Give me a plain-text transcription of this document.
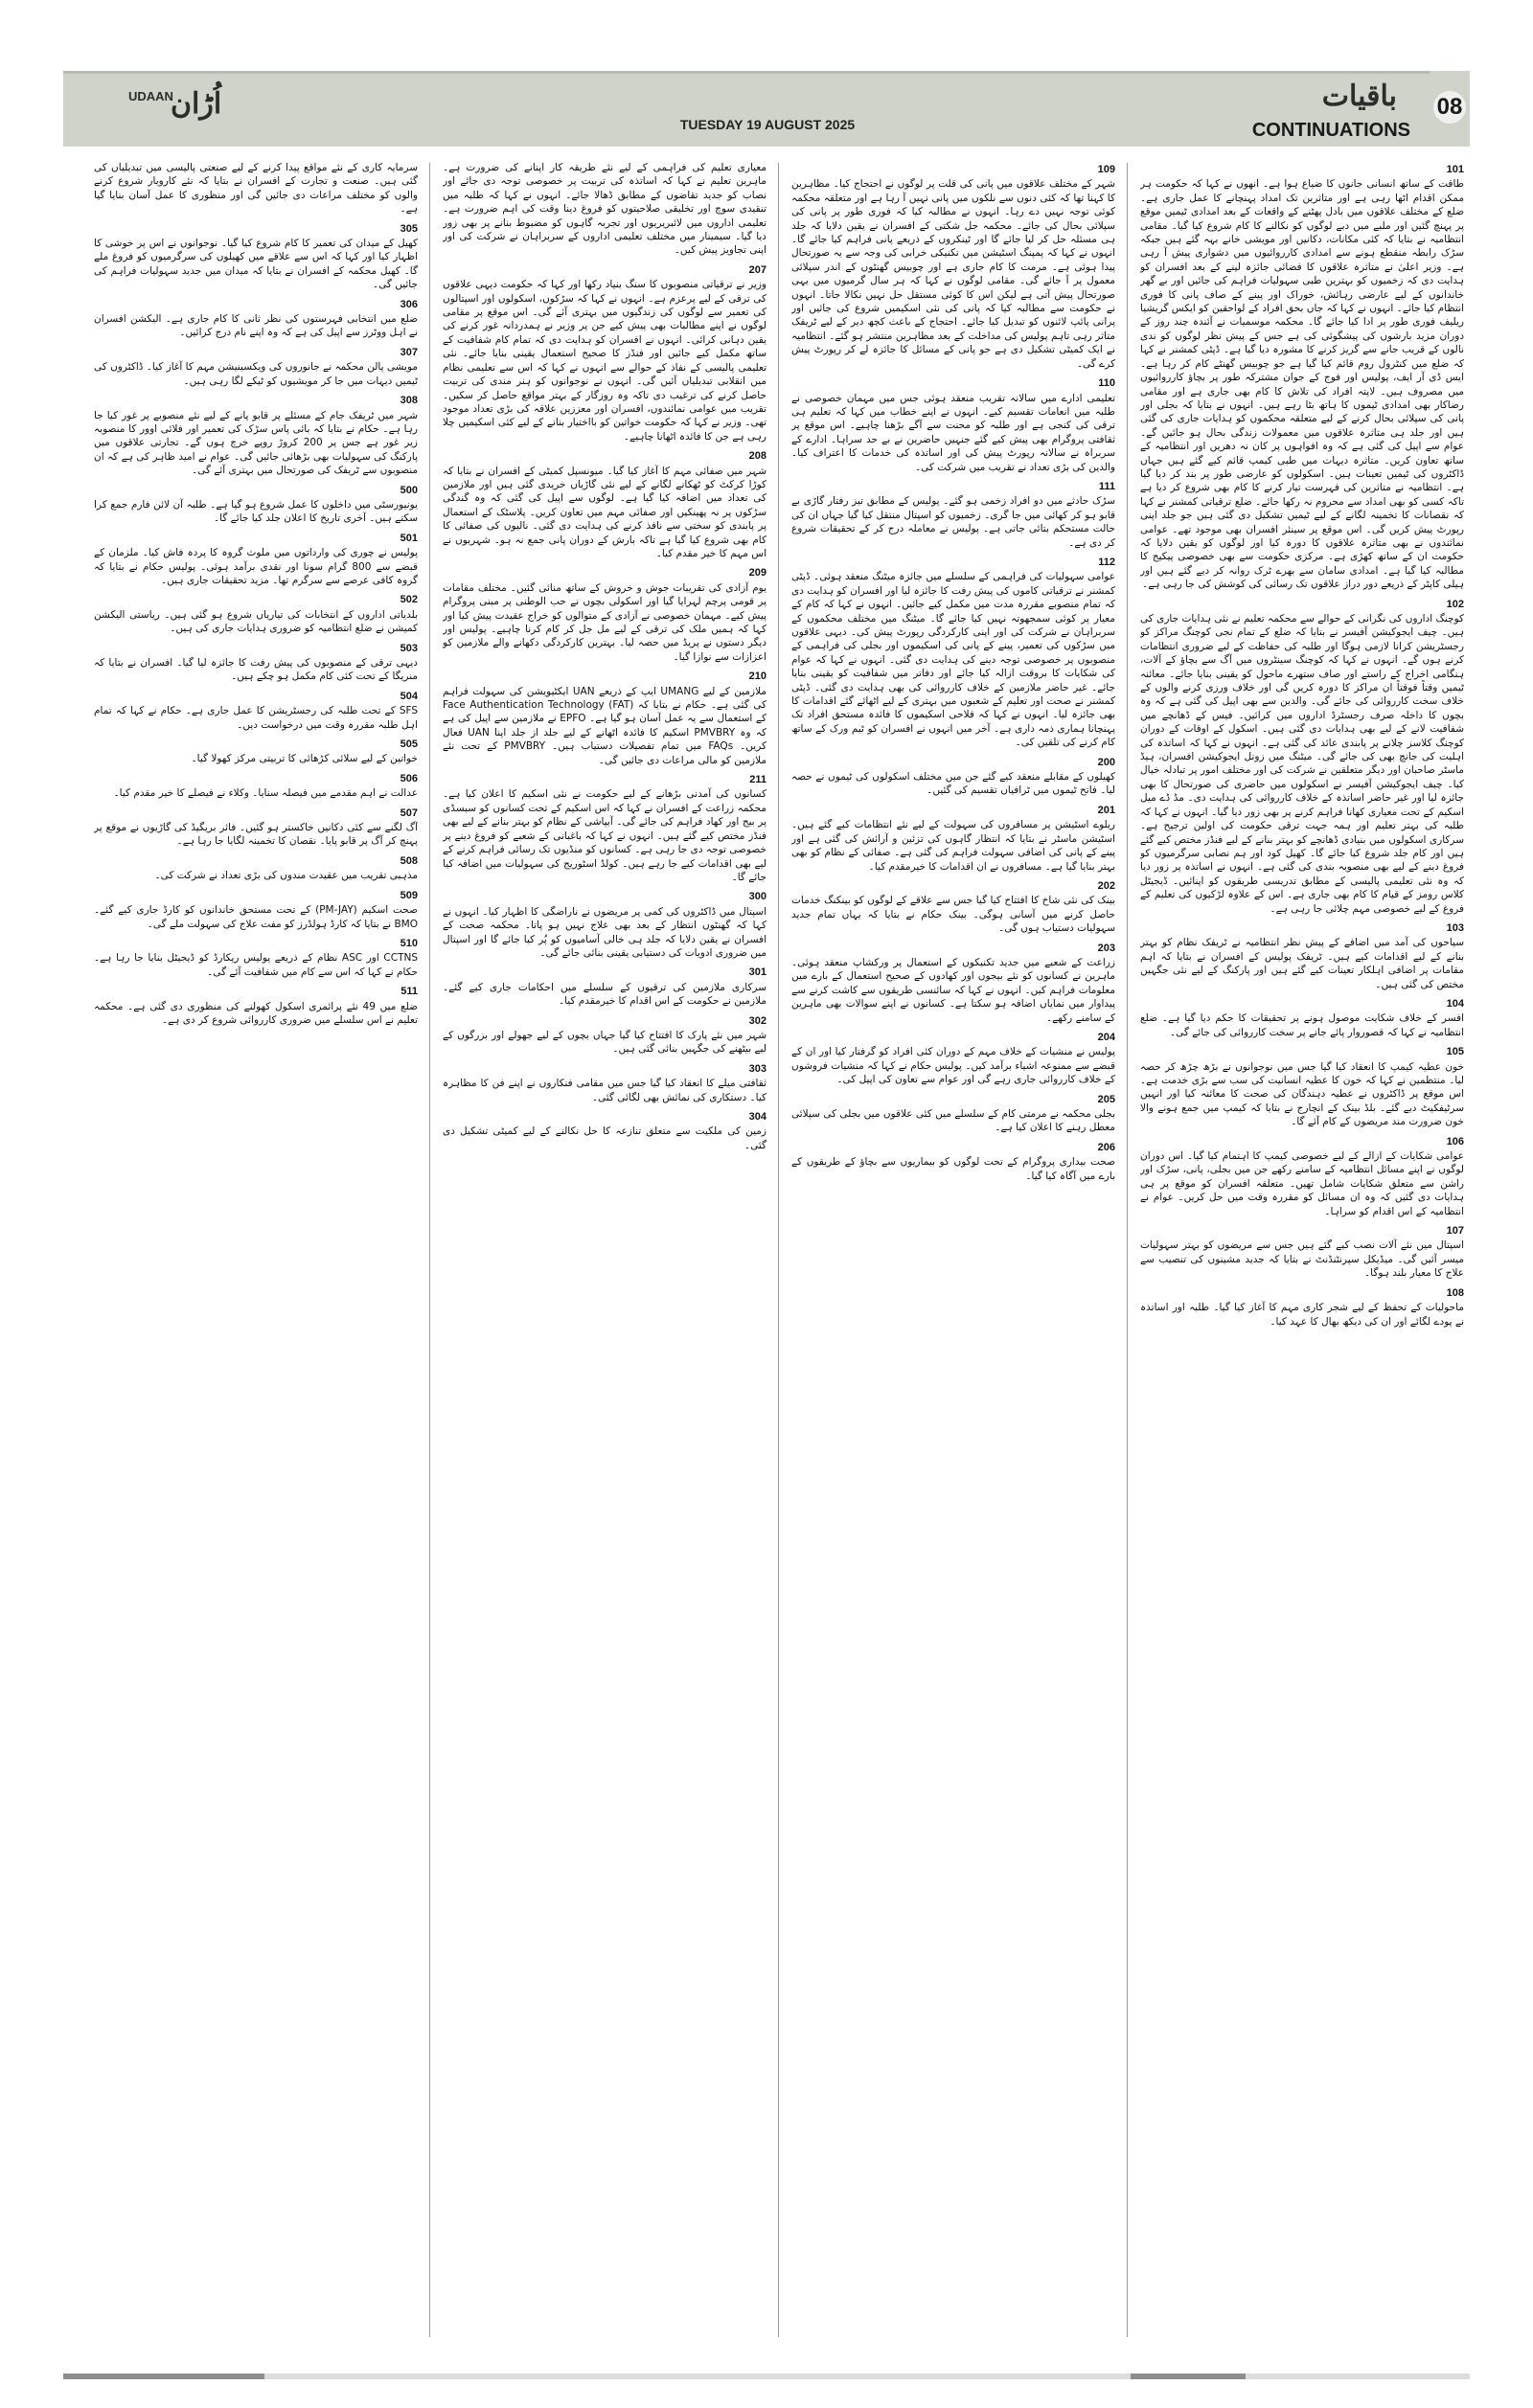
UDAAN
اُڑان
TUESDAY 19 AUGUST 2025
باقیات
CONTINUATIONS
08
101
طاقت کے ساتھ انسانی جانوں کا ضیاع ہوا ہے۔ انھوں نے کہا کہ حکومت ہر ممکن اقدام اٹھا رہی ہے اور متاثرین تک امداد پہنچانے کا عمل جاری ہے۔ ضلع کے مختلف علاقوں میں بادل پھٹنے کے واقعات کے بعد امدادی ٹیمیں موقع پر پہنچ گئیں اور ملبے میں دبے لوگوں کو نکالنے کا کام شروع کیا گیا۔ مقامی انتظامیہ نے بتایا کہ کئی مکانات، دکانیں اور مویشی خانے بہہ گئے ہیں جبکہ سڑک رابطہ منقطع ہونے سے امدادی کارروائیوں میں دشواری پیش آ رہی ہے۔ وزیر اعلیٰ نے متاثرہ علاقوں کا فضائی جائزہ لینے کے بعد افسران کو ہدایت دی کہ زخمیوں کو بہترین طبی سہولیات فراہم کی جائیں اور بے گھر خاندانوں کے لیے عارضی رہائش، خوراک اور پینے کے صاف پانی کا فوری انتظام کیا جائے۔ انہوں نے کہا کہ جاں بحق افراد کے لواحقین کو ایکس گریشیا ریلیف فوری طور پر ادا کیا جائے گا۔ محکمہ موسمیات نے آئندہ چند روز کے دوران مزید بارشوں کی پیشگوئی کی ہے جس کے پیش نظر لوگوں کو ندی نالوں کے قریب جانے سے گریز کرنے کا مشورہ دیا گیا ہے۔ ڈپٹی کمشنر نے کہا کہ ضلع میں کنٹرول روم قائم کیا گیا ہے جو چوبیس گھنٹے کام کر رہا ہے۔ ایس ڈی آر ایف، پولیس اور فوج کے جوان مشترکہ طور پر بچاؤ کارروائیوں میں مصروف ہیں۔ لاپتہ افراد کی تلاش کا کام بھی جاری ہے اور مقامی رضاکار بھی امدادی ٹیموں کا ہاتھ بٹا رہے ہیں۔ انہوں نے بتایا کہ بجلی اور پانی کی سپلائی بحال کرنے کے لیے متعلقہ محکموں کو ہدایات جاری کی گئی ہیں اور جلد ہی متاثرہ علاقوں میں معمولات زندگی بحال ہو جائیں گے۔ عوام سے اپیل کی گئی ہے کہ وہ افواہوں پر کان نہ دھریں اور انتظامیہ کے ساتھ تعاون کریں۔ متاثرہ دیہات میں طبی کیمپ قائم کیے گئے ہیں جہاں ڈاکٹروں کی ٹیمیں تعینات ہیں۔ اسکولوں کو عارضی طور پر بند کر دیا گیا ہے۔ انتظامیہ نے متاثرین کی فہرست تیار کرنے کا کام بھی شروع کر دیا ہے تاکہ کسی کو بھی امداد سے محروم نہ رکھا جائے۔ ضلع ترقیاتی کمشنر نے کہا کہ نقصانات کا تخمینہ لگانے کے لیے ٹیمیں تشکیل دی گئی ہیں جو جلد اپنی رپورٹ پیش کریں گی۔ اس موقع پر سینئر افسران بھی موجود تھے۔ عوامی نمائندوں نے بھی متاثرہ علاقوں کا دورہ کیا اور لوگوں کو یقین دلایا کہ حکومت ان کے ساتھ کھڑی ہے۔ مرکزی حکومت سے بھی خصوصی پیکیج کا مطالبہ کیا گیا ہے۔ امدادی سامان سے بھرے ٹرک روانہ کر دیے گئے ہیں اور ہیلی کاپٹر کے ذریعے دور دراز علاقوں تک رسائی کی کوشش کی جا رہی ہے۔
102
کوچنگ اداروں کی نگرانی کے حوالے سے محکمہ تعلیم نے نئی ہدایات جاری کی ہیں۔ چیف ایجوکیشن آفیسر نے بتایا کہ ضلع کے تمام نجی کوچنگ مراکز کو رجسٹریشن کرانا لازمی ہوگا اور طلبہ کی حفاظت کے لیے ضروری انتظامات کرنے ہوں گے۔ انہوں نے کہا کہ کوچنگ سینٹروں میں آگ سے بچاؤ کے آلات، ہنگامی اخراج کے راستے اور صاف ستھرے ماحول کو یقینی بنایا جائے۔ معائنہ ٹیمیں وقتاً فوقتاً ان مراکز کا دورہ کریں گی اور خلاف ورزی کرنے والوں کے خلاف سخت کارروائی کی جائے گی۔ والدین سے بھی اپیل کی گئی ہے کہ وہ بچوں کا داخلہ صرف رجسٹرڈ اداروں میں کرائیں۔ فیس کے ڈھانچے میں شفافیت لانے کے لیے بھی ہدایات دی گئی ہیں۔ اسکول کے اوقات کے دوران کوچنگ کلاسز چلانے پر پابندی عائد کی گئی ہے۔ انہوں نے کہا کہ اساتذہ کی اہلیت کی جانچ بھی کی جائے گی۔ میٹنگ میں زونل ایجوکیشن افسران، ہیڈ ماسٹر صاحبان اور دیگر متعلقین نے شرکت کی اور مختلف امور پر تبادلہ خیال کیا۔ چیف ایجوکیشن آفیسر نے اسکولوں میں حاضری کی صورتحال کا بھی جائزہ لیا اور غیر حاضر اساتذہ کے خلاف کارروائی کی ہدایت دی۔ مڈ ڈے میل اسکیم کے تحت معیاری کھانا فراہم کرنے پر بھی زور دیا گیا۔ انہوں نے کہا کہ طلبہ کی بہتر تعلیم اور ہمہ جہت ترقی حکومت کی اولین ترجیح ہے۔ سرکاری اسکولوں میں بنیادی ڈھانچے کو بہتر بنانے کے لیے فنڈز مختص کیے گئے ہیں اور کام جلد شروع کیا جائے گا۔ کھیل کود اور ہم نصابی سرگرمیوں کو فروغ دینے کے لیے بھی منصوبہ بندی کی گئی ہے۔ انہوں نے اساتذہ پر زور دیا کہ وہ نئی تعلیمی پالیسی کے مطابق تدریسی طریقوں کو اپنائیں۔ ڈیجیٹل کلاس رومز کے قیام کا کام بھی جاری ہے۔ اس کے علاوہ لڑکیوں کی تعلیم کے فروغ کے لیے خصوصی مہم چلائی جا رہی ہے۔
103
سیاحوں کی آمد میں اضافے کے پیش نظر انتظامیہ نے ٹریفک نظام کو بہتر بنانے کے لیے اقدامات کیے ہیں۔ ٹریفک پولیس کے افسران نے بتایا کہ اہم مقامات پر اضافی اہلکار تعینات کیے گئے ہیں اور پارکنگ کے لیے نئی جگہیں مختص کی گئی ہیں۔
104
افسر کے خلاف شکایت موصول ہونے پر تحقیقات کا حکم دیا گیا ہے۔ ضلع انتظامیہ نے کہا کہ قصوروار پائے جانے پر سخت کارروائی کی جائے گی۔
105
خون عطیہ کیمپ کا انعقاد کیا گیا جس میں نوجوانوں نے بڑھ چڑھ کر حصہ لیا۔ منتظمین نے کہا کہ خون کا عطیہ انسانیت کی سب سے بڑی خدمت ہے۔ اس موقع پر ڈاکٹروں نے عطیہ دہندگان کی صحت کا معائنہ کیا اور انہیں سرٹیفکیٹ دیے گئے۔ بلڈ بینک کے انچارج نے بتایا کہ کیمپ میں جمع ہونے والا خون ضرورت مند مریضوں کے کام آئے گا۔
106
عوامی شکایات کے ازالے کے لیے خصوصی کیمپ کا اہتمام کیا گیا۔ اس دوران لوگوں نے اپنے مسائل انتظامیہ کے سامنے رکھے جن میں بجلی، پانی، سڑک اور راشن سے متعلق شکایات شامل تھیں۔ متعلقہ افسران کو موقع پر ہی ہدایات دی گئیں کہ وہ ان مسائل کو مقررہ وقت میں حل کریں۔ عوام نے انتظامیہ کے اس اقدام کو سراہا۔
107
اسپتال میں نئے آلات نصب کیے گئے ہیں جس سے مریضوں کو بہتر سہولیات میسر آئیں گی۔ میڈیکل سپرنٹنڈنٹ نے بتایا کہ جدید مشینوں کی تنصیب سے علاج کا معیار بلند ہوگا۔
108
ماحولیات کے تحفظ کے لیے شجر کاری مہم کا آغاز کیا گیا۔ طلبہ اور اساتذہ نے پودے لگائے اور ان کی دیکھ بھال کا عہد کیا۔
109
شہر کے مختلف علاقوں میں پانی کی قلت پر لوگوں نے احتجاج کیا۔ مظاہرین کا کہنا تھا کہ کئی دنوں سے نلکوں میں پانی نہیں آ رہا ہے اور متعلقہ محکمہ کوئی توجہ نہیں دے رہا۔ انہوں نے مطالبہ کیا کہ فوری طور پر پانی کی سپلائی بحال کی جائے۔ محکمہ جل شکتی کے افسران نے یقین دلایا کہ جلد ہی مسئلہ حل کر لیا جائے گا اور ٹینکروں کے ذریعے پانی فراہم کیا جائے گا۔ انہوں نے کہا کہ پمپنگ اسٹیشن میں تکنیکی خرابی کی وجہ سے یہ صورتحال پیدا ہوئی ہے۔ مرمت کا کام جاری ہے اور چوبیس گھنٹوں کے اندر سپلائی معمول پر آ جائے گی۔ مقامی لوگوں نے کہا کہ ہر سال گرمیوں میں یہی صورتحال پیش آتی ہے لیکن اس کا کوئی مستقل حل نہیں نکالا جاتا۔ انہوں نے حکومت سے مطالبہ کیا کہ پانی کی نئی اسکیمیں شروع کی جائیں اور پرانی پائپ لائنوں کو تبدیل کیا جائے۔ احتجاج کے باعث کچھ دیر کے لیے ٹریفک متاثر رہی تاہم پولیس کی مداخلت کے بعد مظاہرین منتشر ہو گئے۔ انتظامیہ نے ایک کمیٹی تشکیل دی ہے جو پانی کے مسائل کا جائزہ لے کر رپورٹ پیش کرے گی۔
110
تعلیمی ادارے میں سالانہ تقریب منعقد ہوئی جس میں مہمان خصوصی نے طلبہ میں انعامات تقسیم کیے۔ انہوں نے اپنے خطاب میں کہا کہ تعلیم ہی ترقی کی کنجی ہے اور طلبہ کو محنت سے آگے بڑھنا چاہیے۔ اس موقع پر ثقافتی پروگرام بھی پیش کیے گئے جنہیں حاضرین نے بے حد سراہا۔ ادارے کے سربراہ نے سالانہ رپورٹ پیش کی اور اساتذہ کی خدمات کا اعتراف کیا۔ والدین کی بڑی تعداد نے تقریب میں شرکت کی۔
111
سڑک حادثے میں دو افراد زخمی ہو گئے۔ پولیس کے مطابق تیز رفتار گاڑی بے قابو ہو کر کھائی میں جا گری۔ زخمیوں کو اسپتال منتقل کیا گیا جہاں ان کی حالت مستحکم بتائی جاتی ہے۔ پولیس نے معاملہ درج کر کے تحقیقات شروع کر دی ہے۔
112
عوامی سہولیات کی فراہمی کے سلسلے میں جائزہ میٹنگ منعقد ہوئی۔ ڈپٹی کمشنر نے ترقیاتی کاموں کی پیش رفت کا جائزہ لیا اور افسران کو ہدایت دی کہ تمام منصوبے مقررہ مدت میں مکمل کیے جائیں۔ انہوں نے کہا کہ کام کے معیار پر کوئی سمجھوتہ نہیں کیا جائے گا۔ میٹنگ میں مختلف محکموں کے سربراہان نے شرکت کی اور اپنی کارکردگی رپورٹ پیش کی۔ دیہی علاقوں میں سڑکوں کی تعمیر، پینے کے پانی کی اسکیموں اور بجلی کی فراہمی کے منصوبوں پر خصوصی توجہ دینے کی ہدایت دی گئی۔ انہوں نے کہا کہ عوام کی شکایات کا بروقت ازالہ کیا جائے اور دفاتر میں شفافیت کو یقینی بنایا جائے۔ غیر حاضر ملازمین کے خلاف کارروائی کی بھی ہدایت دی گئی۔ ڈپٹی کمشنر نے صحت اور تعلیم کے شعبوں میں بہتری کے لیے اٹھائے گئے اقدامات کا بھی جائزہ لیا۔ انہوں نے کہا کہ فلاحی اسکیموں کا فائدہ مستحق افراد تک پہنچانا ہماری ذمہ داری ہے۔ آخر میں انہوں نے افسران کو ٹیم ورک کے ساتھ کام کرنے کی تلقین کی۔
200
کھیلوں کے مقابلے منعقد کیے گئے جن میں مختلف اسکولوں کی ٹیموں نے حصہ لیا۔ فاتح ٹیموں میں ٹرافیاں تقسیم کی گئیں۔
201
ریلوے اسٹیشن پر مسافروں کی سہولت کے لیے نئے انتظامات کیے گئے ہیں۔ اسٹیشن ماسٹر نے بتایا کہ انتظار گاہوں کی تزئین و آرائش کی گئی ہے اور پینے کے پانی کی اضافی سہولت فراہم کی گئی ہے۔ صفائی کے نظام کو بھی بہتر بنایا گیا ہے۔ مسافروں نے ان اقدامات کا خیرمقدم کیا۔
202
بینک کی نئی شاخ کا افتتاح کیا گیا جس سے علاقے کے لوگوں کو بینکنگ خدمات حاصل کرنے میں آسانی ہوگی۔ بینک حکام نے بتایا کہ یہاں تمام جدید سہولیات دستیاب ہوں گی۔
203
زراعت کے شعبے میں جدید تکنیکوں کے استعمال پر ورکشاپ منعقد ہوئی۔ ماہرین نے کسانوں کو نئے بیجوں اور کھادوں کے صحیح استعمال کے بارے میں معلومات فراہم کیں۔ انہوں نے کہا کہ سائنسی طریقوں سے کاشت کرنے سے پیداوار میں نمایاں اضافہ ہو سکتا ہے۔ کسانوں نے اپنے سوالات بھی ماہرین کے سامنے رکھے۔
204
پولیس نے منشیات کے خلاف مہم کے دوران کئی افراد کو گرفتار کیا اور ان کے قبضے سے ممنوعہ اشیاء برآمد کیں۔ پولیس حکام نے کہا کہ منشیات فروشوں کے خلاف کارروائی جاری رہے گی اور عوام سے تعاون کی اپیل کی۔
205
بجلی محکمہ نے مرمتی کام کے سلسلے میں کئی علاقوں میں بجلی کی سپلائی معطل رہنے کا اعلان کیا ہے۔
206
صحت بیداری پروگرام کے تحت لوگوں کو بیماریوں سے بچاؤ کے طریقوں کے بارے میں آگاہ کیا گیا۔
معیاری تعلیم کی فراہمی کے لیے نئے طریقہ کار اپنانے کی ضرورت ہے۔ ماہرین تعلیم نے کہا کہ اساتذہ کی تربیت پر خصوصی توجہ دی جائے اور نصاب کو جدید تقاضوں کے مطابق ڈھالا جائے۔ انہوں نے کہا کہ طلبہ میں تنقیدی سوچ اور تخلیقی صلاحیتوں کو فروغ دینا وقت کی اہم ضرورت ہے۔ تعلیمی اداروں میں لائبریریوں اور تجربہ گاہوں کو مضبوط بنانے پر بھی زور دیا گیا۔ سیمینار میں مختلف تعلیمی اداروں کے سربراہان نے شرکت کی اور اپنی تجاویز پیش کیں۔
207
وزیر نے ترقیاتی منصوبوں کا سنگ بنیاد رکھا اور کہا کہ حکومت دیہی علاقوں کی ترقی کے لیے پرعزم ہے۔ انہوں نے کہا کہ سڑکوں، اسکولوں اور اسپتالوں کی تعمیر سے لوگوں کی زندگیوں میں بہتری آئے گی۔ اس موقع پر مقامی لوگوں نے اپنے مطالبات بھی پیش کیے جن پر وزیر نے ہمدردانہ غور کرنے کی یقین دہانی کرائی۔ انہوں نے افسران کو ہدایت دی کہ تمام کام شفافیت کے ساتھ مکمل کیے جائیں اور فنڈز کا صحیح استعمال یقینی بنایا جائے۔ نئی تعلیمی پالیسی کے نفاذ کے حوالے سے انہوں نے کہا کہ اس سے تعلیمی نظام میں انقلابی تبدیلیاں آئیں گی۔ انہوں نے نوجوانوں کو ہنر مندی کی تربیت حاصل کرنے کی ترغیب دی تاکہ وہ روزگار کے بہتر مواقع حاصل کر سکیں۔ تقریب میں عوامی نمائندوں، افسران اور معززین علاقہ کی بڑی تعداد موجود تھی۔ وزیر نے کہا کہ حکومت خواتین کو بااختیار بنانے کے لیے کئی اسکیمیں چلا رہی ہے جن کا فائدہ اٹھانا چاہیے۔
208
شہر میں صفائی مہم کا آغاز کیا گیا۔ میونسپل کمیٹی کے افسران نے بتایا کہ کوڑا کرکٹ کو ٹھکانے لگانے کے لیے نئی گاڑیاں خریدی گئی ہیں اور ملازمین کی تعداد میں اضافہ کیا گیا ہے۔ لوگوں سے اپیل کی گئی کہ وہ گندگی سڑکوں پر نہ پھینکیں اور صفائی مہم میں تعاون کریں۔ پلاسٹک کے استعمال پر پابندی کو سختی سے نافذ کرنے کی ہدایت دی گئی۔ نالیوں کی صفائی کا کام بھی شروع کیا گیا ہے تاکہ بارش کے دوران پانی جمع نہ ہو۔ شہریوں نے اس مہم کا خیر مقدم کیا۔
209
یوم آزادی کی تقریبات جوش و خروش کے ساتھ منائی گئیں۔ مختلف مقامات پر قومی پرچم لہرایا گیا اور اسکولی بچوں نے حب الوطنی پر مبنی پروگرام پیش کیے۔ مہمان خصوصی نے آزادی کے متوالوں کو خراج عقیدت پیش کیا اور کہا کہ ہمیں ملک کی ترقی کے لیے مل جل کر کام کرنا چاہیے۔ پولیس اور دیگر دستوں نے پریڈ میں حصہ لیا۔ بہترین کارکردگی دکھانے والے ملازمین کو اعزازات سے نوازا گیا۔
210
ملازمین کے لیے UMANG ایپ کے ذریعے UAN ایکٹیویشن کی سہولت فراہم کی گئی ہے۔ حکام نے بتایا کہ Face Authentication Technology (FAT) کے استعمال سے یہ عمل آسان ہو گیا ہے۔ EPFO نے ملازمین سے اپیل کی ہے کہ وہ PMVBRY اسکیم کا فائدہ اٹھانے کے لیے جلد از جلد اپنا UAN فعال کریں۔ FAQs میں تمام تفصیلات دستیاب ہیں۔ PMVBRY کے تحت نئے ملازمین کو مالی مراعات دی جائیں گی۔
211
کسانوں کی آمدنی بڑھانے کے لیے حکومت نے نئی اسکیم کا اعلان کیا ہے۔ محکمہ زراعت کے افسران نے کہا کہ اس اسکیم کے تحت کسانوں کو سبسڈی پر بیج اور کھاد فراہم کی جائے گی۔ آبپاشی کے نظام کو بہتر بنانے کے لیے بھی فنڈز مختص کیے گئے ہیں۔ انہوں نے کہا کہ باغبانی کے شعبے کو فروغ دینے پر خصوصی توجہ دی جا رہی ہے۔ کسانوں کو منڈیوں تک رسائی فراہم کرنے کے لیے بھی اقدامات کیے جا رہے ہیں۔ کولڈ اسٹوریج کی سہولیات میں اضافہ کیا جائے گا۔
300
اسپتال میں ڈاکٹروں کی کمی پر مریضوں نے ناراضگی کا اظہار کیا۔ انہوں نے کہا کہ گھنٹوں انتظار کے بعد بھی علاج نہیں ہو پاتا۔ محکمہ صحت کے افسران نے یقین دلایا کہ جلد ہی خالی آسامیوں کو پُر کیا جائے گا اور اسپتال میں ضروری ادویات کی دستیابی یقینی بنائی جائے گی۔
301
سرکاری ملازمین کی ترقیوں کے سلسلے میں احکامات جاری کیے گئے۔ ملازمین نے حکومت کے اس اقدام کا خیرمقدم کیا۔
302
شہر میں نئے پارک کا افتتاح کیا گیا جہاں بچوں کے لیے جھولے اور بزرگوں کے لیے بیٹھنے کی جگہیں بنائی گئی ہیں۔
303
ثقافتی میلے کا انعقاد کیا گیا جس میں مقامی فنکاروں نے اپنے فن کا مظاہرہ کیا۔ دستکاری کی نمائش بھی لگائی گئی۔
304
زمین کی ملکیت سے متعلق تنازعہ کا حل نکالنے کے لیے کمیٹی تشکیل دی گئی۔
سرمایہ کاری کے نئے مواقع پیدا کرنے کے لیے صنعتی پالیسی میں تبدیلیاں کی گئی ہیں۔ صنعت و تجارت کے افسران نے بتایا کہ نئے کاروبار شروع کرنے والوں کو مختلف مراعات دی جائیں گی اور منظوری کا عمل آسان بنایا گیا ہے۔
305
کھیل کے میدان کی تعمیر کا کام شروع کیا گیا۔ نوجوانوں نے اس پر خوشی کا اظہار کیا اور کہا کہ اس سے علاقے میں کھیلوں کی سرگرمیوں کو فروغ ملے گا۔ کھیل محکمہ کے افسران نے بتایا کہ میدان میں جدید سہولیات فراہم کی جائیں گی۔
306
ضلع میں انتخابی فہرستوں کی نظر ثانی کا کام جاری ہے۔ الیکشن افسران نے اہل ووٹرز سے اپیل کی ہے کہ وہ اپنے نام درج کرائیں۔
307
مویشی پالن محکمہ نے جانوروں کی ویکسینیشن مہم کا آغاز کیا۔ ڈاکٹروں کی ٹیمیں دیہات میں جا کر مویشیوں کو ٹیکے لگا رہی ہیں۔
308
شہر میں ٹریفک جام کے مسئلے پر قابو پانے کے لیے نئے منصوبے پر غور کیا جا رہا ہے۔ حکام نے بتایا کہ بائی پاس سڑک کی تعمیر اور فلائی اوور کا منصوبہ زیر غور ہے جس پر 200 کروڑ روپے خرچ ہوں گے۔ تجارتی علاقوں میں پارکنگ کی سہولیات بھی بڑھائی جائیں گی۔ عوام نے امید ظاہر کی ہے کہ ان منصوبوں سے ٹریفک کی صورتحال میں بہتری آئے گی۔
500
یونیورسٹی میں داخلوں کا عمل شروع ہو گیا ہے۔ طلبہ آن لائن فارم جمع کرا سکتے ہیں۔ آخری تاریخ کا اعلان جلد کیا جائے گا۔
501
پولیس نے چوری کی وارداتوں میں ملوث گروہ کا پردہ فاش کیا۔ ملزمان کے قبضے سے 800 گرام سونا اور نقدی برآمد ہوئی۔ پولیس حکام نے بتایا کہ گروہ کافی عرصے سے سرگرم تھا۔ مزید تحقیقات جاری ہیں۔
502
بلدیاتی اداروں کے انتخابات کی تیاریاں شروع ہو گئی ہیں۔ ریاستی الیکشن کمیشن نے ضلع انتظامیہ کو ضروری ہدایات جاری کی ہیں۔
503
دیہی ترقی کے منصوبوں کی پیش رفت کا جائزہ لیا گیا۔ افسران نے بتایا کہ منریگا کے تحت کئی کام مکمل ہو چکے ہیں۔
504
SFS کے تحت طلبہ کی رجسٹریشن کا عمل جاری ہے۔ حکام نے کہا کہ تمام اہل طلبہ مقررہ وقت میں درخواست دیں۔
505
خواتین کے لیے سلائی کڑھائی کا تربیتی مرکز کھولا گیا۔
506
عدالت نے اہم مقدمے میں فیصلہ سنایا۔ وکلاء نے فیصلے کا خیر مقدم کیا۔
507
آگ لگنے سے کئی دکانیں خاکستر ہو گئیں۔ فائر بریگیڈ کی گاڑیوں نے موقع پر پہنچ کر آگ پر قابو پایا۔ نقصان کا تخمینہ لگایا جا رہا ہے۔
508
مذہبی تقریب میں عقیدت مندوں کی بڑی تعداد نے شرکت کی۔
509
صحت اسکیم (PM-JAY) کے تحت مستحق خاندانوں کو کارڈ جاری کیے گئے۔ BMO نے بتایا کہ کارڈ ہولڈرز کو مفت علاج کی سہولت ملے گی۔
510
CCTNS اور ASC نظام کے ذریعے پولیس ریکارڈ کو ڈیجیٹل بنایا جا رہا ہے۔ حکام نے کہا کہ اس سے کام میں شفافیت آئے گی۔
511
ضلع میں 49 نئے پرائمری اسکول کھولنے کی منظوری دی گئی ہے۔ محکمہ تعلیم نے اس سلسلے میں ضروری کارروائی شروع کر دی ہے۔
